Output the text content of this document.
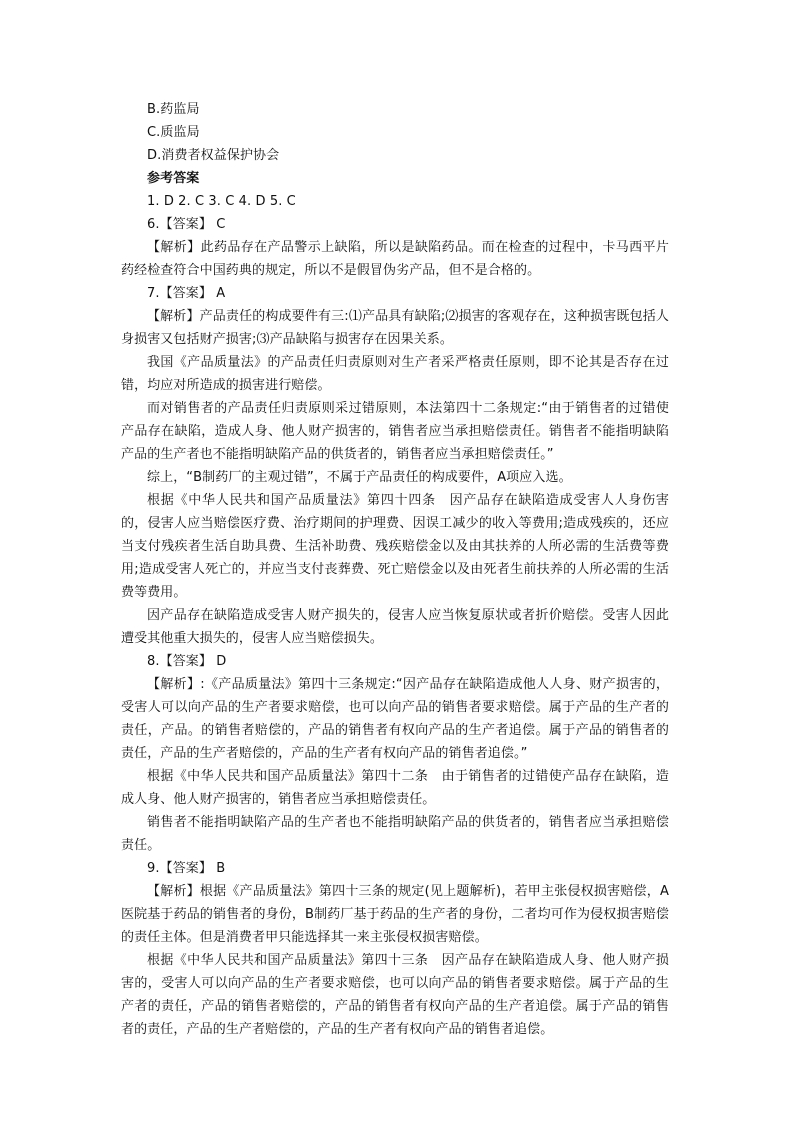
B.药监局
C.质监局
D.消费者权益保护协会
参考答案
1. D 2. C 3. C 4. D 5. C
6.【答案】 C
【解析】此药品存在产品警示上缺陷，所以是缺陷药品。而在检查的过程中，卡马西平片药经检查符合中国药典的规定，所以不是假冒伪劣产品，但不是合格的。
7.【答案】 A
【解析】产品责任的构成要件有三:⑴产品具有缺陷;⑵损害的客观存在，这种损害既包括人身损害又包括财产损害;⑶产品缺陷与损害存在因果关系。
我国《产品质量法》的产品责任归责原则对生产者采严格责任原则，即不论其是否存在过错，均应对所造成的损害进行赔偿。
而对销售者的产品责任归责原则采过错原则，本法第四十二条规定:“由于销售者的过错使产品存在缺陷，造成人身、他人财产损害的，销售者应当承担赔偿责任。销售者不能指明缺陷产品的生产者也不能指明缺陷产品的供货者的，销售者应当承担赔偿责任。”
综上，“B制药厂的主观过错”，不属于产品责任的构成要件，A项应入选。
根据《中华人民共和国产品质量法》第四十四条　因产品存在缺陷造成受害人人身伤害的，侵害人应当赔偿医疗费、治疗期间的护理费、因误工减少的收入等费用;造成残疾的，还应当支付残疾者生活自助具费、生活补助费、残疾赔偿金以及由其扶养的人所必需的生活费等费用;造成受害人死亡的，并应当支付丧葬费、死亡赔偿金以及由死者生前扶养的人所必需的生活费等费用。
因产品存在缺陷造成受害人财产损失的，侵害人应当恢复原状或者折价赔偿。受害人因此遭受其他重大损失的，侵害人应当赔偿损失。
8.【答案】 D
【解析】:《产品质量法》第四十三条规定:“因产品存在缺陷造成他人人身、财产损害的，受害人可以向产品的生产者要求赔偿，也可以向产品的销售者要求赔偿。属于产品的生产者的责任，产品。的销售者赔偿的，产品的销售者有权向产品的生产者追偿。属于产品的销售者的责任，产品的生产者赔偿的，产品的生产者有权向产品的销售者追偿。”
根据《中华人民共和国产品质量法》第四十二条　由于销售者的过错使产品存在缺陷，造成人身、他人财产损害的，销售者应当承担赔偿责任。
销售者不能指明缺陷产品的生产者也不能指明缺陷产品的供货者的，销售者应当承担赔偿责任。
9.【答案】 B
【解析】根据《产品质量法》第四十三条的规定(见上题解析)，若甲主张侵权损害赔偿，A医院基于药品的销售者的身份，B制药厂基于药品的生产者的身份，二者均可作为侵权损害赔偿的责任主体。但是消费者甲只能选择其一来主张侵权损害赔偿。
根据《中华人民共和国产品质量法》第四十三条　因产品存在缺陷造成人身、他人财产损害的，受害人可以向产品的生产者要求赔偿，也可以向产品的销售者要求赔偿。属于产品的生产者的责任，产品的销售者赔偿的，产品的销售者有权向产品的生产者追偿。属于产品的销售者的责任，产品的生产者赔偿的，产品的生产者有权向产品的销售者追偿。
